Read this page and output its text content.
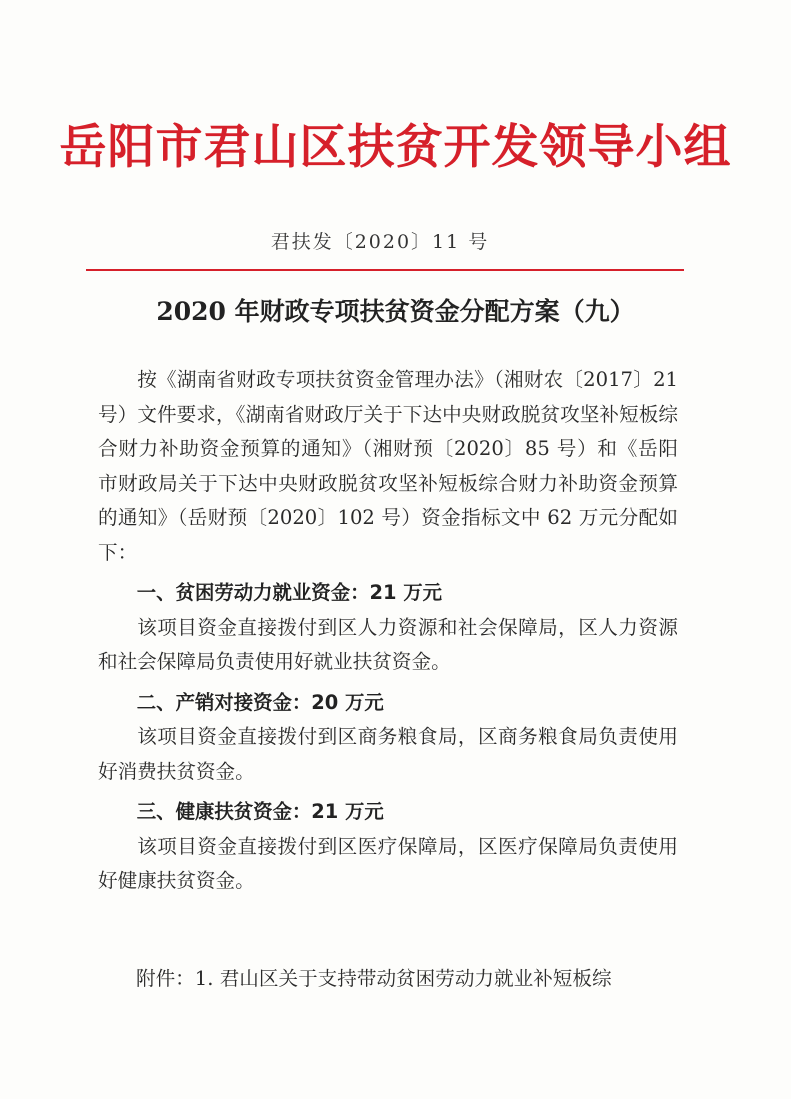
岳阳市君山区扶贫开发领导小组
君扶发〔2020〕11 号
2020 年财政专项扶贫资金分配方案（九）

按《湖南省财政专项扶贫资金管理办法》（湘财农〔2017〕21 号）文件要求，《湖南省财政厅关于下达中央财政脱贫攻坚补短板综合财力补助资金预算的通知》（湘财预〔2020〕85 号）和《岳阳市财政局关于下达中央财政脱贫攻坚补短板综合财力补助资金预算的通知》（岳财预〔2020〕102 号）资金指标文中 62 万元分配如下：

一、贫困劳动力就业资金：21 万元

该项目资金直接拨付到区人力资源和社会保障局，区人力资源和社会保障局负责使用好就业扶贫资金。

二、产销对接资金：20 万元

该项目资金直接拨付到区商务粮食局，区商务粮食局负责使用好消费扶贫资金。

三、健康扶贫资金：21 万元

该项目资金直接拨付到区医疗保障局，区医疗保障局负责使用好健康扶贫资金。

附件：1. 君山区关于支持带动贫困劳动力就业补短板综
